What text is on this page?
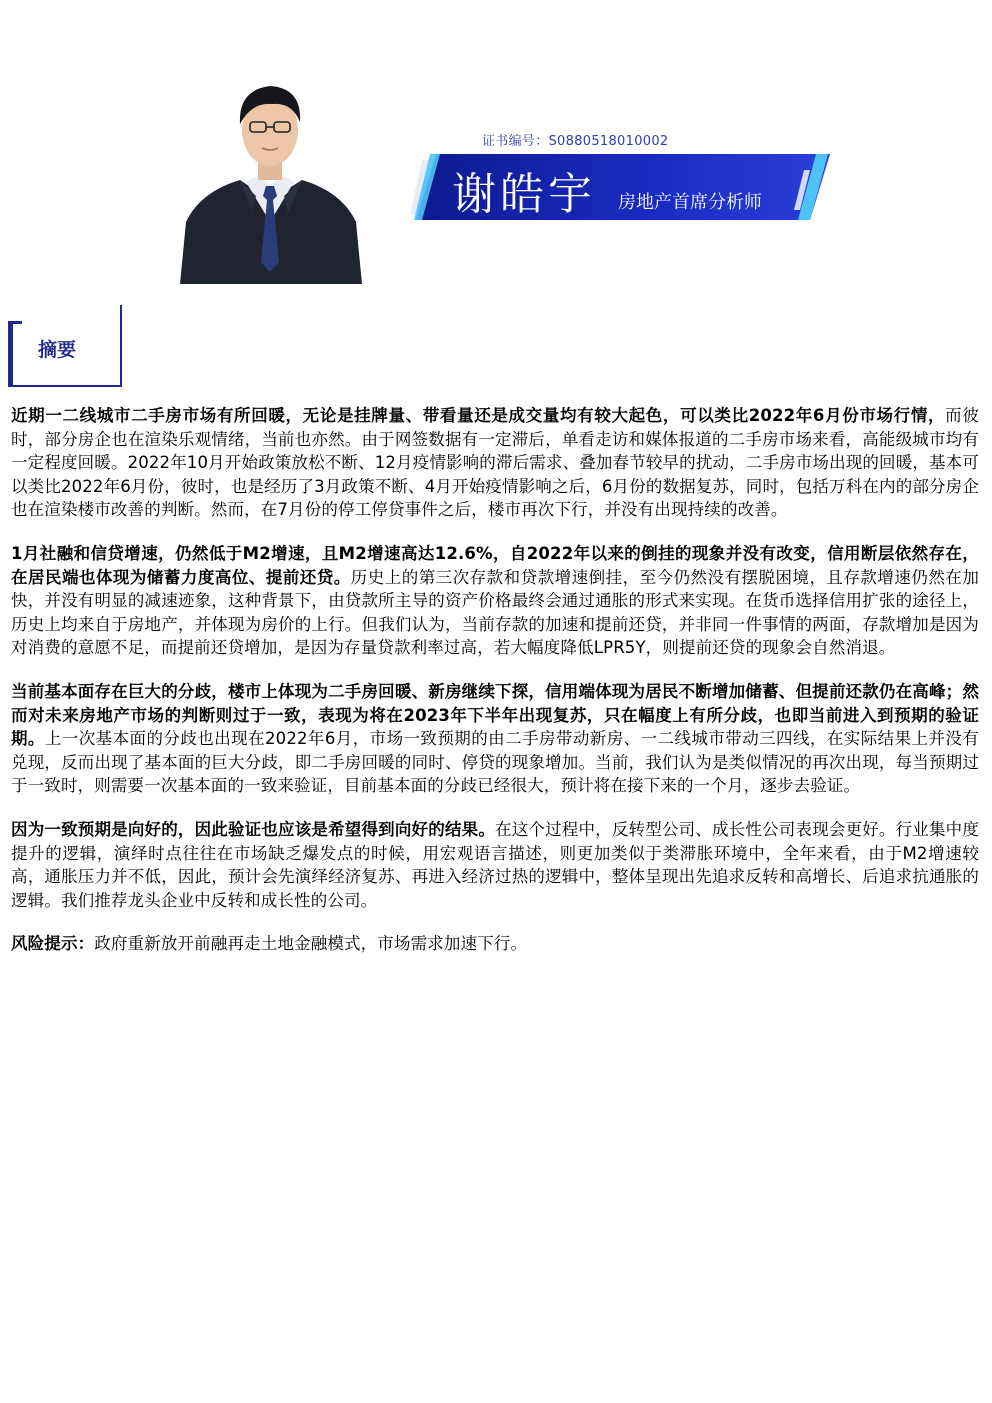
证书编号：S0880518010002
谢皓宇 房地产首席分析师
摘要

近期一二线城市二手房市场有所回暖，无论是挂牌量、带看量还是成交量均有较大起色，可以类比2022年6月份市场行情，而彼时，部分房企也在渲染乐观情绪，当前也亦然。由于网签数据有一定滞后，单看走访和媒体报道的二手房市场来看，高能级城市均有一定程度回暖。2022年10月开始政策放松不断、12月疫情影响的滞后需求、叠加春节较早的扰动，二手房市场出现的回暖，基本可以类比2022年6月份，彼时，也是经历了3月政策不断、4月开始疫情影响之后，6月份的数据复苏，同时，包括万科在内的部分房企也在渲染楼市改善的判断。然而，在7月份的停工停贷事件之后，楼市再次下行，并没有出现持续的改善。

1月社融和信贷增速，仍然低于M2增速，且M2增速高达12.6%，自2022年以来的倒挂的现象并没有改变，信用断层依然存在，在居民端也体现为储蓄力度高位、提前还贷。历史上的第三次存款和贷款增速倒挂，至今仍然没有摆脱困境，且存款增速仍然在加快，并没有明显的减速迹象，这种背景下，由贷款所主导的资产价格最终会通过通胀的形式来实现。在货币选择信用扩张的途径上，历史上均来自于房地产，并体现为房价的上行。但我们认为，当前存款的加速和提前还贷，并非同一件事情的两面，存款增加是因为对消费的意愿不足，而提前还贷增加，是因为存量贷款利率过高，若大幅度降低LPR5Y，则提前还贷的现象会自然消退。

当前基本面存在巨大的分歧，楼市上体现为二手房回暖、新房继续下探，信用端体现为居民不断增加储蓄、但提前还款仍在高峰；然而对未来房地产市场的判断则过于一致，表现为将在2023年下半年出现复苏，只在幅度上有所分歧，也即当前进入到预期的验证期。上一次基本面的分歧也出现在2022年6月，市场一致预期的由二手房带动新房、一二线城市带动三四线，在实际结果上并没有兑现，反而出现了基本面的巨大分歧，即二手房回暖的同时、停贷的现象增加。当前，我们认为是类似情况的再次出现，每当预期过于一致时，则需要一次基本面的一致来验证，目前基本面的分歧已经很大，预计将在接下来的一个月，逐步去验证。

因为一致预期是向好的，因此验证也应该是希望得到向好的结果。在这个过程中，反转型公司、成长性公司表现会更好。行业集中度提升的逻辑，演绎时点往往在市场缺乏爆发点的时候，用宏观语言描述，则更加类似于类滞胀环境中，全年来看，由于M2增速较高，通胀压力并不低，因此，预计会先演绎经济复苏、再进入经济过热的逻辑中，整体呈现出先追求反转和高增长、后追求抗通胀的逻辑。我们推荐龙头企业中反转和成长性的公司。

风险提示：政府重新放开前融再走土地金融模式，市场需求加速下行。
